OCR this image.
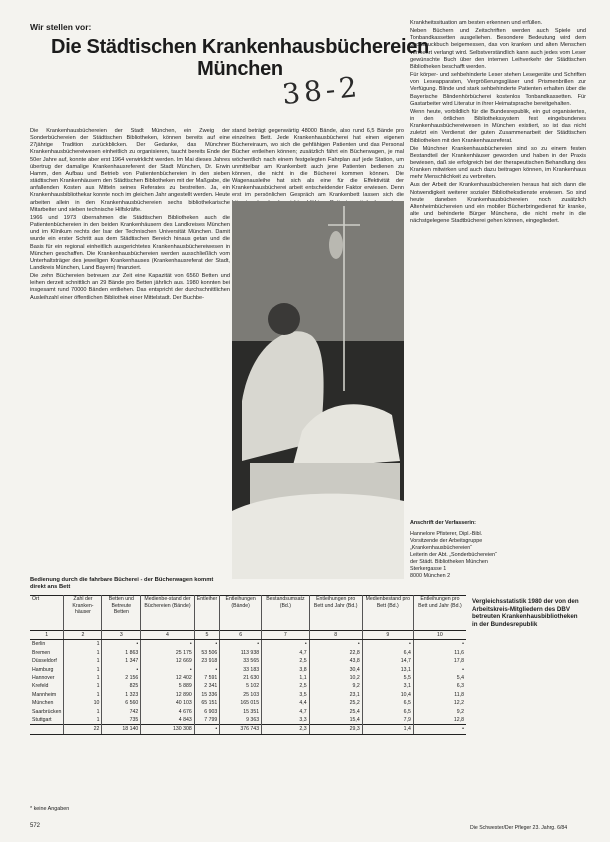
Wir stellen vor:
Die Städtischen Krankenhausbüchereien München
38-2

Die Krankenhausbüchereien der Stadt München, ein Zweig der Sonderbüchereien der Städtischen Bibliotheken, können bereits auf eine 27jährige Tradition zurückblicken. Der Gedanke, das Münchner Krankenhausbüchereiwesen einheitlich zu organisieren, taucht bereits Ende der 50er Jahre auf, konnte aber erst 1964 verwirklicht werden. Im Mai dieses Jahres übertrug der damalige Krankenhausreferent der Stadt München, Dr. Erwin Hamm, den Aufbau und Betrieb von Patientenbüchereien in den sieben städtischen Krankenhäusern den Städtischen Bibliotheken mit der Maßgabe, die anfallenden Kosten aus Mitteln seines Referates zu bestreiten. Ja, ein Krankenhausbibliothekar konnte noch im gleichen Jahr angestellt werden. Heute arbeiten allein in den Krankenhausbüchereien sechs bibliothekarische Mitarbeiter und sieben technische Hilfskräfte.

1966 und 1973 übernahmen die Städtischen Bibliotheken auch die Patientenbüchereien in den beiden Krankenhäusern des Landkreises München und im Klinikum rechts der Isar der Technischen Universität München. Damit wurde ein erster Schritt aus dem Städtischen Bereich hinaus getan und die Basis für ein regional einheitlich ausgerichtetes Krankenhausbüchereiwesen in München geschaffen. Die Krankenhausbüchereien werden ausschließlich vom Unterhaltsträger des jeweiligen Krankenhauses (Krankenhausreferat der Stadt, Landkreis München, Land Bayern) finanziert.

Die zehn Büchereien betreuen zur Zeit eine Kapazität von 6560 Betten und leihen derzeit schnittlich an 29 Bände pro Betten jährlich aus. 1980 konnten bei insgesamt rund 70000 Bänden entliehen. Das entspricht der durchschnittlichen Ausleihzahl einer öffentlichen Bibliothek einer Mittelstadt. Der Buchbe-

stand beträgt gegenwärtig 48000 Bände, also rund 6,5 Bände pro einzelnes Bett. Jede Krankenhausbücherei hat einen eigenen Büchereiraum, wo sich die gehfähigen Patienten und das Personal Bücher entleihen können; zusätzlich fährt ein Bücherwagen, je mal wöchentlich nach einem festgelegten Fahrplan auf jede Station, um unmittelbar am Krankenbett auch jene Patienten bedienen zu können, die nicht in die Bücherei kommen können. Die Wagenausleihe hat sich als eine für die Effektivität der Krankenhausbücherei arbeit entscheidender Faktor erwiesen. Denn erst im persönlichen Gespräch am Krankenbett lassen sich die

Bedienung durch die fahrbare Bücherei - der Bücherwagen kommt direkt ans Bett

Krankheitssituation am besten erkennen und erfüllen.

Neben Büchern und Zeitschriften werden auch Spiele und Tonbandkassetten ausgeliehen. Besondere Bedeutung wird dem Großdruckbuch beigemessen, das von kranken und alten Menschen vermehrt verlangt wird. Selbstverständlich kann auch jedes vom Leser gewünschte Buch über den internen Leihverkehr der Städtischen Bibliotheken beschafft werden.

Für körper- und sehbehinderte Leser stehen Lesegeräte und Schriften von Leseapparaten, Vergrößerungsgläser und Prismenbrillen zur Verfügung. Blinde und stark sehbehinderte Patienten erhalten über die Bayerische Blindenhörbücherei kostenlos Tonbandkassetten. Für Gastarbeiter wird Literatur in ihrer Heimatsprache bereitgehalten.

Wenn heute, vorbildlich für die Bundesrepublik, ein gut organisiertes, in den örtlichen Bibliothekssystem fest eingebundenes Krankenhausbüchereiwesen in München existiert, so ist das nicht zuletzt ein Verdienst der guten Zusammenarbeit der Städtischen Bibliotheken mit den Krankenhausreferat.

Die Münchner Krankenhausbüchereien sind so zu einem festen Bestandteil der Krankenhäuser geworden und haben in der Praxis bewiesen, daß sie erfolgreich bei der therapeutischen Behandlung des Kranken mitwirken und auch dazu beitragen können, im Krankenhaus mehr Menschlichkeit zu verbreiten.

Aus der Arbeit der Krankenhausbüchereien heraus hat sich dann die Notwendigkeit weiterer sozialer Bibliotheksdienste erwiesen. So sind heute daneben Krankenhausbüchereien noch zusätzlich Altenheimbüchereien und ein mobiler Bücherbringedienst für kranke, alte und behinderte Bürger Münchens, die nicht mehr in die nächstgelegene Stadtbücherei gehen können, eingegliedert.

Anschrift der Verfasserin:
Hannelore Pfisterer, Dipl.-Bibl.
Vorsitzende der Arbeitsgruppe
„Krankenhausbüchereien“
Leiterin der Abt. „Sonderbüchereien“
der Städt. Bibliotheken München
Sterkergasse 1
8000 München 2
Ort	Zahl der Kranken-häuser	Betten und Betreute Betten	Medienbe-stand der Büchereien (Bände)	Entleiher	Entleihungen (Bände)	Bestandsumsatz (Bd.)	Entleihungen pro Bett und Jahr (Bd.)	Medienbestand pro Bett (Bd.)	Entleihungen pro Bett und Jahr (Bd.)
1	2	3	4	5	6	7	8	9	10
Berlin	1	•	•	•	•	•	•	•	•
Bremen	1	1 863	25 175	53 506	113 938	4,7	22,8	6,4	11,6
Düsseldorf	1	1 347	12 669	23 918	33 565	2,5	43,8	14,7	17,8
Hamburg	1	•	•	•	33 183	3,8	30,4	13,1	•
Hannover	1	2 156	12 402	7 591	21 630	1,1	10,2	5,5	5,4
Krefeld	1	825	5 889	2 341	5 102	2,5	9,2	3,1	6,3
Mannheim	1	1 323	12 890	15 336	25 103	3,5	23,1	10,4	11,8
München	10	6 560	40 103	65 151	165 015	4,4	25,2	6,5	12,2
Saarbrücken	1	742	4 676	6 903	15 351	4,7	25,4	6,5	9,2
Stuttgart	1	735	4 843	7 799	9 363	3,3	15,4	7,9	12,8
	22	18 140	130 308	•	376 743	2,3	29,3	1,4	•
Vergleichsstatistik 1980 der von den Arbeitskreis-Mitgliedern des DBV betreuten Krankenhausbibliotheken in der Bundesrepublik
* keine Angaben
572	Die Schwester/Der Pfleger 23. Jahrg. 6/84
